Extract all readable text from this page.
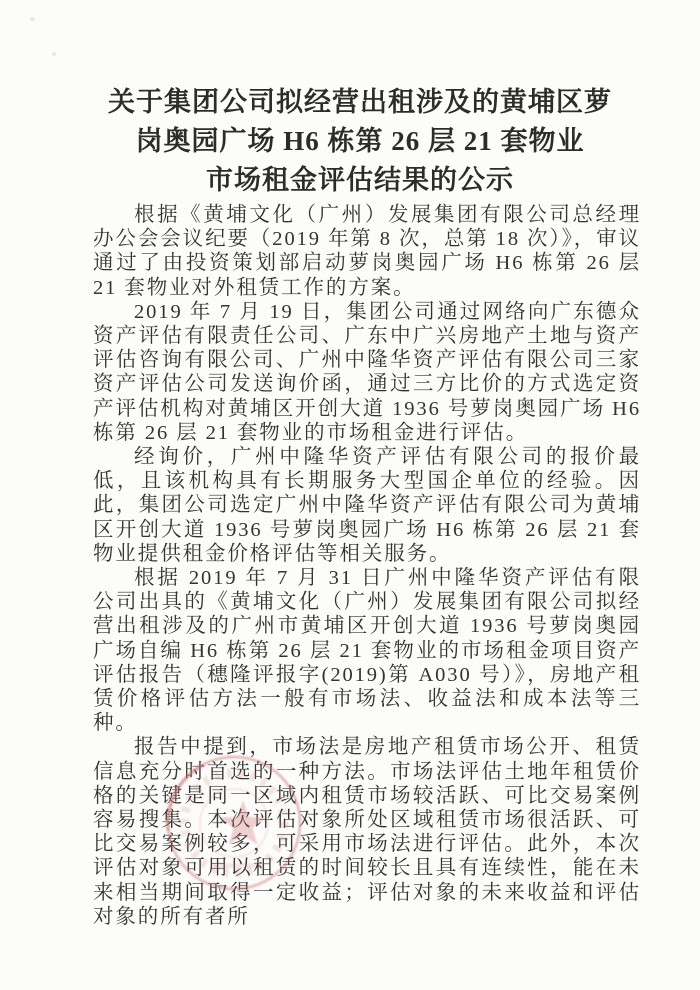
关于集团公司拟经营出租涉及的黄埔区萝
岗奥园广场 H6 栋第 26 层 21 套物业
市场租金评估结果的公示

根据《黄埔文化（广州）发展集团有限公司总经理办公会会议纪要（2019 年第 8 次，总第 18 次）》，审议通过了由投资策划部启动萝岗奥园广场 H6 栋第 26 层 21 套物业对外租赁工作的方案。

2019 年 7 月 19 日，集团公司通过网络向广东德众资产评估有限责任公司、广东中广兴房地产土地与资产评估咨询有限公司、广州中隆华资产评估有限公司三家资产评估公司发送询价函，通过三方比价的方式选定资产评估机构对黄埔区开创大道 1936 号萝岗奥园广场 H6 栋第 26 层 21 套物业的市场租金进行评估。

经询价，广州中隆华资产评估有限公司的报价最低，且该机构具有长期服务大型国企单位的经验。因此，集团公司选定广州中隆华资产评估有限公司为黄埔区开创大道 1936 号萝岗奥园广场 H6 栋第 26 层 21 套物业提供租金价格评估等相关服务。

根据 2019 年 7 月 31 日广州中隆华资产评估有限公司出具的《黄埔文化（广州）发展集团有限公司拟经营出租涉及的广州市黄埔区开创大道 1936 号萝岗奥园广场自编 H6 栋第 26 层 21 套物业的市场租金项目资产评估报告（穗隆评报字(2019)第 A030 号）》，房地产租赁价格评估方法一般有市场法、收益法和成本法等三种。

报告中提到，市场法是房地产租赁市场公开、租赁信息充分时首选的一种方法。市场法评估土地年租赁价格的关键是同一区域内租赁市场较活跃、可比交易案例容易搜集。本次评估对象所处区域租赁市场很活跃、可比交易案例较多，可采用市场法进行评估。此外，本次评估对象可用以租赁的时间较长且具有连续性，能在未来相当期间取得一定收益；评估对象的未来收益和评估对象的所有者所
